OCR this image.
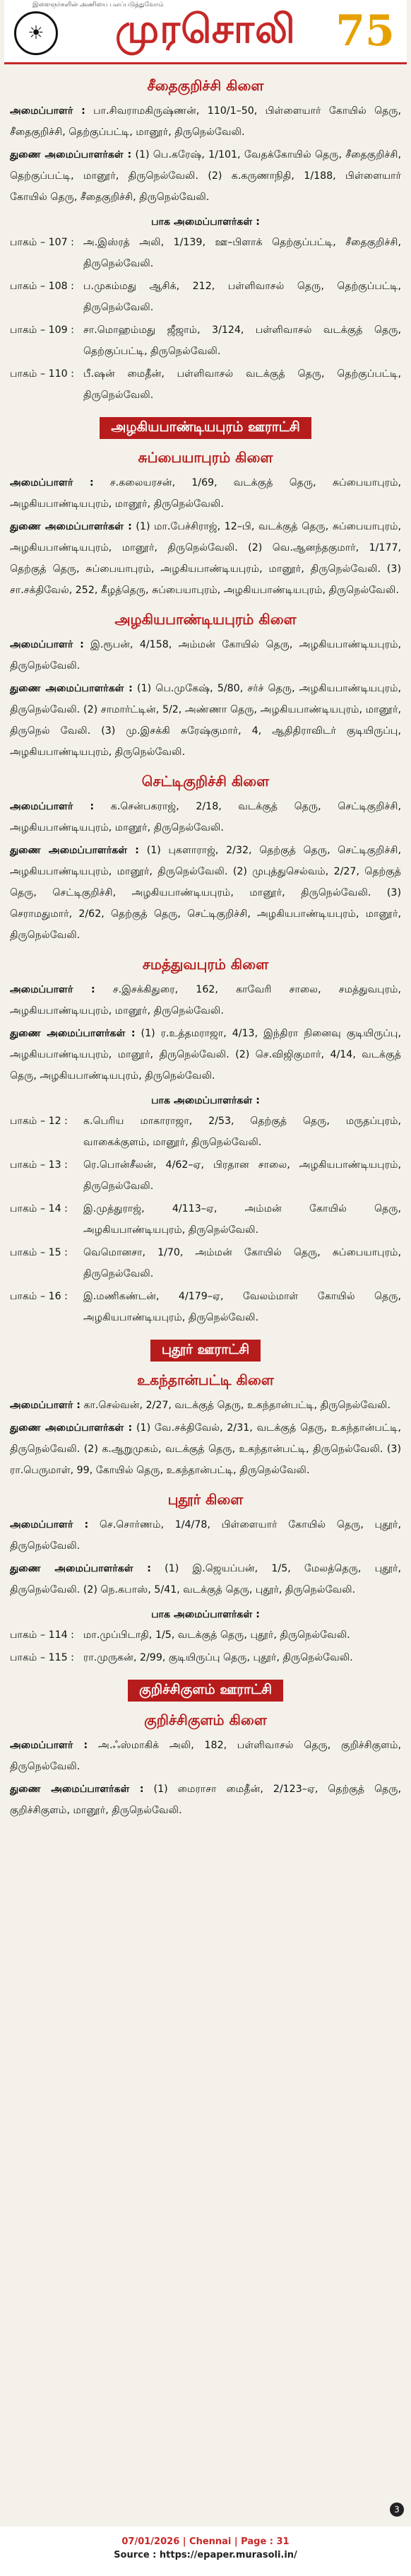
இளைஞர்களின் அணியை பலப்படுத்துவோம்
☀	முரசொலி 75
சீதைகுறிச்சி கிளை

அமைப்பாளர் : பா.சிவராமகிருஷ்ணன், 110/1–50, பிள்ளையார் கோயில் தெரு, சீதைகுறிச்சி, தெற்குப்பட்டி, மானூர், திருநெல்வேலி.

துணை அமைப்பாளர்கள் : (1) பெ.கரேஷ், 1/101, வேதக்கோயில் தெரு, சீதைகுறிச்சி, தெற்குப்பட்டி, மானூர், திருநெல்வேலி. (2) க.கருணாநிதி, 1/188, பிள்ளையார் கோயில் தெரு, சீதைகுறிச்சி, திருநெல்வேலி.

பாக அமைப்பாளர்கள் :
பாகம் – 107 : அ.இஸ்ரத் அலி, 1/139, ஊ–பிளாக் தெற்குப்பட்டி, சீதைகுறிச்சி, திருநெல்வேலி.
பாகம் – 108 : ப.முகம்மது ஆசிக், 212, பள்ளிவாசல் தெரு, தெற்குப்பட்டி, திருநெல்வேலி.
பாகம் – 109 : சா.மொஹம்மது ஜீஜாம், 3/124, பள்ளிவாசல் வடக்குத் தெரு, தெற்குப்பட்டி, திருநெல்வேலி.
பாகம் – 110 : பீ.ஷன் மைதீன், பள்ளிவாசல் வடக்குத் தெரு, தெற்குப்பட்டி, திருநெல்வேலி.
அழகியபாண்டியபுரம் ஊராட்சி
சுப்பையாபுரம் கிளை

அமைப்பாளர் : ச.கலையரசன், 1/69, வடக்குத் தெரு, சுப்பையாபுரம், அழகியபாண்டியபுரம், மானூர், திருநெல்வேலி.

துணை அமைப்பாளர்கள் : (1) மா.பேச்சிராஜ், 12–பி, வடக்குத் தெரு, சுப்பையாபுரம், அழகியபாண்டியபுரம், மானூர், திருநெல்வேலி. (2) வெ.ஆனந்தகுமார், 1/177, தெற்குத் தெரு, சுப்பையாபுரம், அழகியபாண்டியபுரம், மானூர், திருநெல்வேலி. (3) சா.சக்திவேல், 252, கீழத்தெரு, சுப்பையாபுரம், அழகியபாண்டியபுரம், திருநெல்வேலி.

அழகியபாண்டியபுரம் கிளை

அமைப்பாளர் : இ.ரூபன், 4/158, அம்மன் கோயில் தெரு, அழகியபாண்டியபுரம், திருநெல்வேலி.

துணை அமைப்பாளர்கள் : (1) பெ.முகேஷ், 5/80, சர்ச் தெரு, அழகியபாண்டியபுரம், திருநெல்வேலி. (2) சாமார்ட்டின், 5/2, அண்ணா தெரு, அழகியபாண்டியபுரம், மானூர், திருநெல் வேலி. (3) மு.இசக்கி சுரேஷ்குமார், 4, ஆதிதிராவிடர் குடியிருப்பு, அழகியபாண்டியபுரம், திருநெல்வேலி.

செட்டிகுறிச்சி கிளை

அமைப்பாளர் : க.சென்பகராஜ், 2/18, வடக்குத் தெரு, செட்டிகுறிச்சி, அழகியபாண்டியபுரம், மானூர், திருநெல்வேலி.

துணை அமைப்பாளர்கள் : (1) புகளாராஜ், 2/32, தெற்குத் தெரு, செட்டிகுறிச்சி, அழகியபாண்டியபுரம், மானூர், திருநெல்வேலி. (2) முபுத்துசெல்வம், 2/27, தெற்குத் தெரு, செட்டிகுறிச்சி, அழகியபாண்டியபுரம், மானூர், திருநெல்வேலி. (3) செராமதுமார், 2/62, தெற்குத் தெரு, செட்டிகுறிச்சி, அழகியபாண்டியபுரம், மானூர், திருநெல்வேலி.

சமத்துவபுரம் கிளை

அமைப்பாளர் : ச.இசக்கிதுரை, 162, காவேரி சாலை, சமத்துவபுரம், அழகியபாண்டியபுரம், மானூர், திருநெல்வேலி.

துணை அமைப்பாளர்கள் : (1) ர.உத்தமராஜா, 4/13, இந்திரா நினைவு குடியிருப்பு, அழகியபாண்டியபுரம், மானூர், திருநெல்வேலி. (2) செ.விஜிகுமார், 4/14, வடக்குத் தெரு, அழகியபாண்டியபுரம், திருநெல்வேலி.

பாக அமைப்பாளர்கள் :
பாகம் – 12 :	க.பெரிய மாகாராஜா, 2/53, தெற்குத் தெரு, மருதப்புரம், வாகைக்குளம், மானூர், திருநெல்வேலி.
பாகம் – 13 :	ரெ.பொன்சீலன், 4/62–ஏ, பிரதான சாலை, அழகியபாண்டியபுரம், திருநெல்வேலி.
பாகம் – 14 :	இ.முத்துராஜ், 4/113–ஏ, அம்மன் கோயில் தெரு, அழகியபாண்டியபுரம், திருநெல்வேலி.
பாகம் – 15 :	வெமொனசா, 1/70, அம்மன் கோயில் தெரு, சுப்பையாபுரம், திருநெல்வேலி.
பாகம் – 16 :	இ.மணிகண்டன், 4/179–ஏ, வேலம்மாள் கோயில் தெரு, அழகியபாண்டியபுரம், திருநெல்வேலி.
புதூர் ஊராட்சி
உகந்தான்பட்டி கிளை

அமைப்பாளர் : கா.செல்வன், 2/27, வடக்குத் தெரு, உகந்தான்பட்டி, திருநெல்வேலி.

துணை அமைப்பாளர்கள் : (1) வே.சக்திவேல், 2/31, வடக்குத் தெரு, உகந்தான்பட்டி, திருநெல்வேலி. (2) க.ஆறுமுகம், வடக்குத் தெரு, உகந்தான்பட்டி, திருநெல்வேலி. (3) ரா.பெருமாள், 99, கோயில் தெரு, உகந்தான்பட்டி, திருநெல்வேலி.

புதூர் கிளை

அமைப்பாளர் : செ.சொர்ணம், 1/4/78, பிள்ளையார் கோயில் தெரு, புதூர், திருநெல்வேலி.

துணை அமைப்பாளர்கள் : (1) இ.ஜெயப்பன், 1/5, மேலத்தெரு, புதூர், திருநெல்வேலி. (2) நெ.கபாஸ், 5/41, வடக்குத் தெரு, புதூர், திருநெல்வேலி.

பாக அமைப்பாளர்கள் :
பாகம் – 114 : மா.முப்பிடாதி, 1/5, வடக்குத் தெரு, புதூர், திருநெல்வேலி.
பாகம் – 115 : ரா.முருகன், 2/99, குடியிருப்பு தெரு, புதூர், திருநெல்வேலி.
குறிச்சிகுளம் ஊராட்சி
குறிச்சிகுளம் கிளை

அமைப்பாளர் : அ.ஃஸ்மாகிக் அலி, 182, பள்ளிவாசல் தெரு, குறிச்சிகுளம், திருநெல்வேலி.

துணை அமைப்பாளர்கள் : (1) மைராசா மைதீன், 2/123–ஏ, தெற்குத் தெரு, குறிச்சிகுளம், மானூர், திருநெல்வேலி.

3
07/01/2026 | Chennai | Page : 31
Source : https://epaper.murasoli.in/
